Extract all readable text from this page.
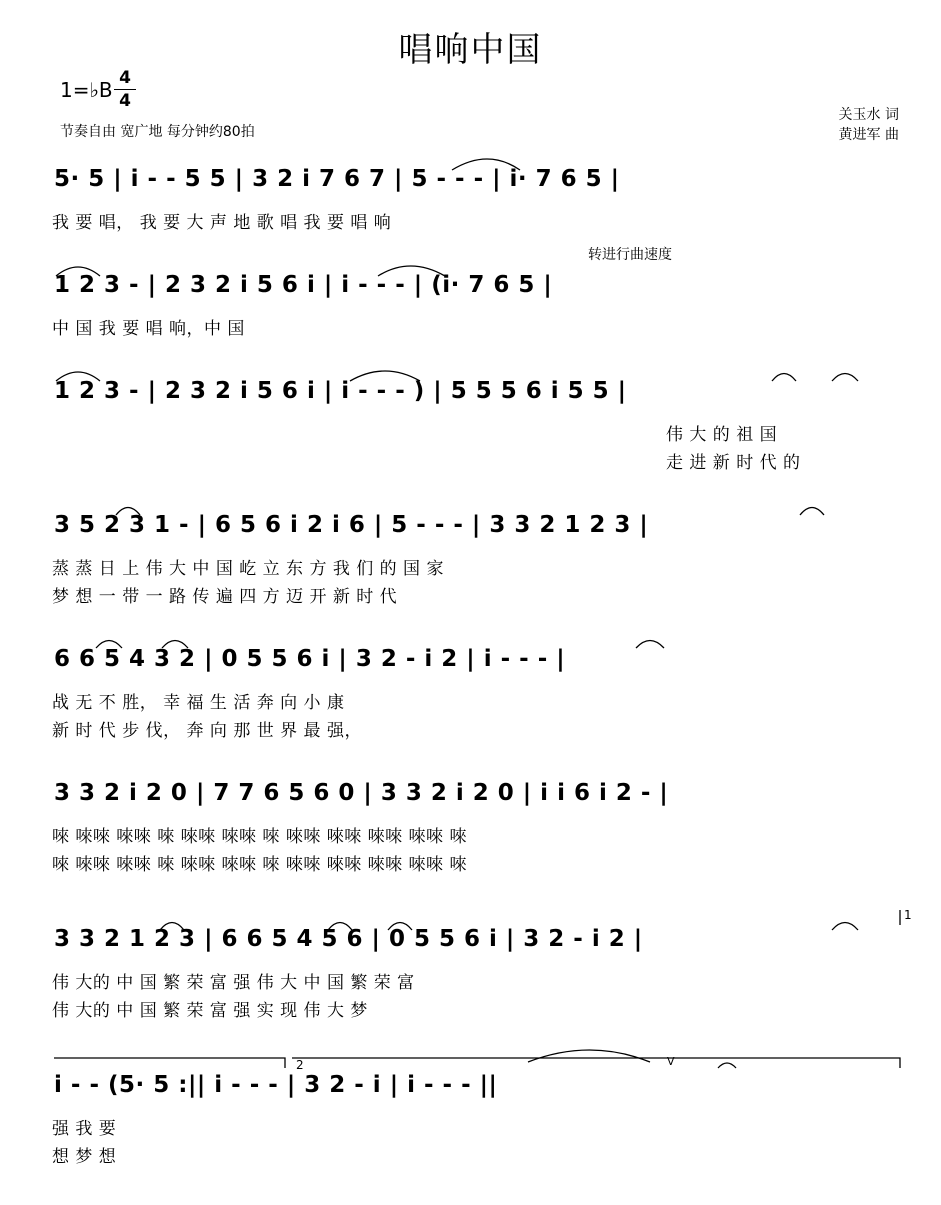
唱响中国
1=♭B 4
4
节奏自由 宽广地 每分钟约80拍
关玉水 词
黄进军 曲
转进行曲速度
1
2	V
5· 5 | i - - 5 5 | 3 2 i 7 6 7 | 5 - - - | i· 7 6 5 |
我 要 唱， 我 要 大 声 地 歌 唱 我 要 唱 响
1 2 3 - | 2 3 2 i 5 6 i | i - - - | (i· 7 6 5 |
中 国 我 要 唱 响，中 国
1 2 3 - | 2 3 2 i 5 6 i | i - - - ) | 5 5 5 6 i 5 5 |
伟 大 的 祖 国
走 进 新 时 代 的
3 5 2 3 1 - | 6 5 6 i 2 i 6 | 5 - - - | 3 3 2 1 2 3 |
蒸 蒸 日 上 伟 大 中 国 屹 立 东 方 我 们 的 国 家
梦 想 一 带 一 路 传 遍 四 方 迈 开 新 时 代
6 6 5 4 3 2 | 0 5 5 6 i | 3 2 - i 2 | i - - - |
战 无 不 胜， 幸 福 生 活 奔 向 小 康
新 时 代 步 伐， 奔 向 那 世 界 最 强，
3 3 2 i 2 0 | 7 7 6 5 6 0 | 3 3 2 i 2 0 | i i 6 i 2 - |
唻 唻唻 唻唻 唻 唻唻 唻唻 唻 唻唻 唻唻 唻唻 唻唻 唻
唻 唻唻 唻唻 唻 唻唻 唻唻 唻 唻唻 唻唻 唻唻 唻唻 唻
3 3 2 1 2 3 | 6 6 5 4 5 6 | 0 5 5 6 i | 3 2 - i 2 |
伟 大的 中 国 繁 荣 富 强 伟 大 中 国 繁 荣 富
伟 大的 中 国 繁 荣 富 强 实 现 伟 大 梦
i - - (5· 5 :|| i - - - | 3 2 - i | i - - - ||
强 我 要
想 梦 想
